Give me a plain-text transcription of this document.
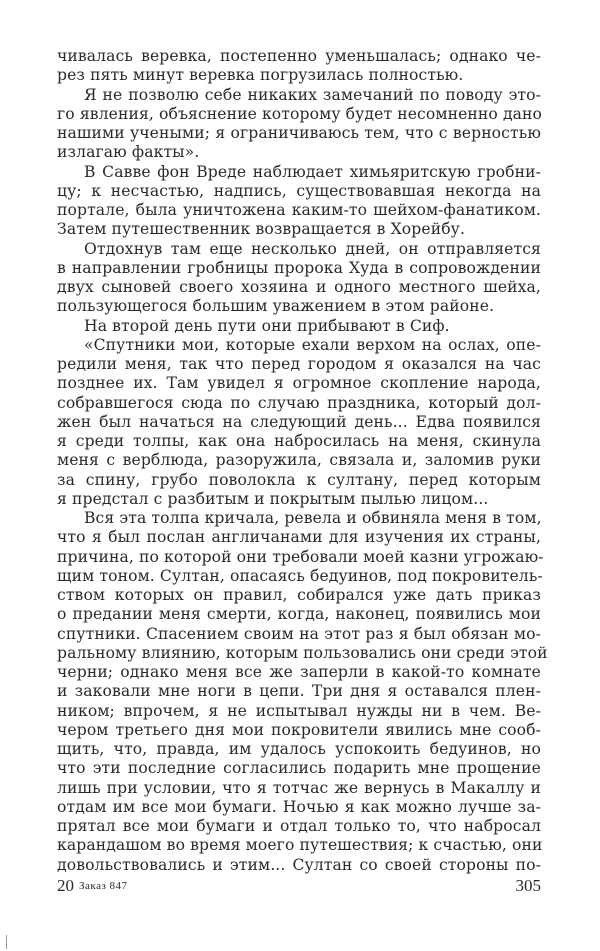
чивалась веревка, постепенно уменьшалась; однако че-
рез пять минут веревка погрузилась полностью.
Я не позволю себе никаких замечаний по поводу это-
го явления, объяснение которому будет несомненно дано
нашими учеными; я ограничиваюсь тем, что с верностью
излагаю факты».
В Савве фон Вреде наблюдает химьяритскую гробни-
цу; к несчастью, надпись, существовавшая некогда на
портале, была уничтожена каким-то шейхом-фанатиком.
Затем путешественник возвращается в Хорейбу.
Отдохнув там еще несколько дней, он отправляется
в направлении гробницы пророка Худа в сопровождении
двух сыновей своего хозяина и одного местного шейха,
пользующегося большим уважением в этом районе.
На второй день пути они прибывают в Сиф.
«Спутники мои, которые ехали верхом на ослах, опе-
редили меня, так что перед городом я оказался на час
позднее их. Там увидел я огромное скопление народа,
собравшегося сюда по случаю праздника, который дол-
жен был начаться на следующий день... Едва появился
я среди толпы, как она набросилась на меня, скинула
меня с верблюда, разоружила, связала и, заломив руки
за спину, грубо поволокла к султану, перед которым
я предстал с разбитым и покрытым пылью лицом...
Вся эта толпа кричала, ревела и обвиняла меня в том,
что я был послан англичанами для изучения их страны,
причина, по которой они требовали моей казни угрожаю-
щим тоном. Султан, опасаясь бедуинов, под покровитель-
ством которых он правил, собирался уже дать приказ
о предании меня смерти, когда, наконец, появились мои
спутники. Спасением своим на этот раз я был обязан мо-
ральному влиянию, которым пользовались они среди этой
черни; однако меня все же заперли в какой-то комнате
и заковали мне ноги в цепи. Три дня я оставался плен-
ником; впрочем, я не испытывал нужды ни в чем. Ве-
чером третьего дня мои покровители явились мне сооб-
щить, что, правда, им удалось успокоить бедуинов, но
что эти последние согласились подарить мне прощение
лишь при условии, что я тотчас же вернусь в Макаллу и
отдам им все мои бумаги. Ночью я как можно лучше за-
прятал все мои бумаги и отдал только то, что набросал
карандашом во время моего путешествия; к счастью, они
довольствовались и этим... Султан со своей стороны по-
20 Заказ 847	305
